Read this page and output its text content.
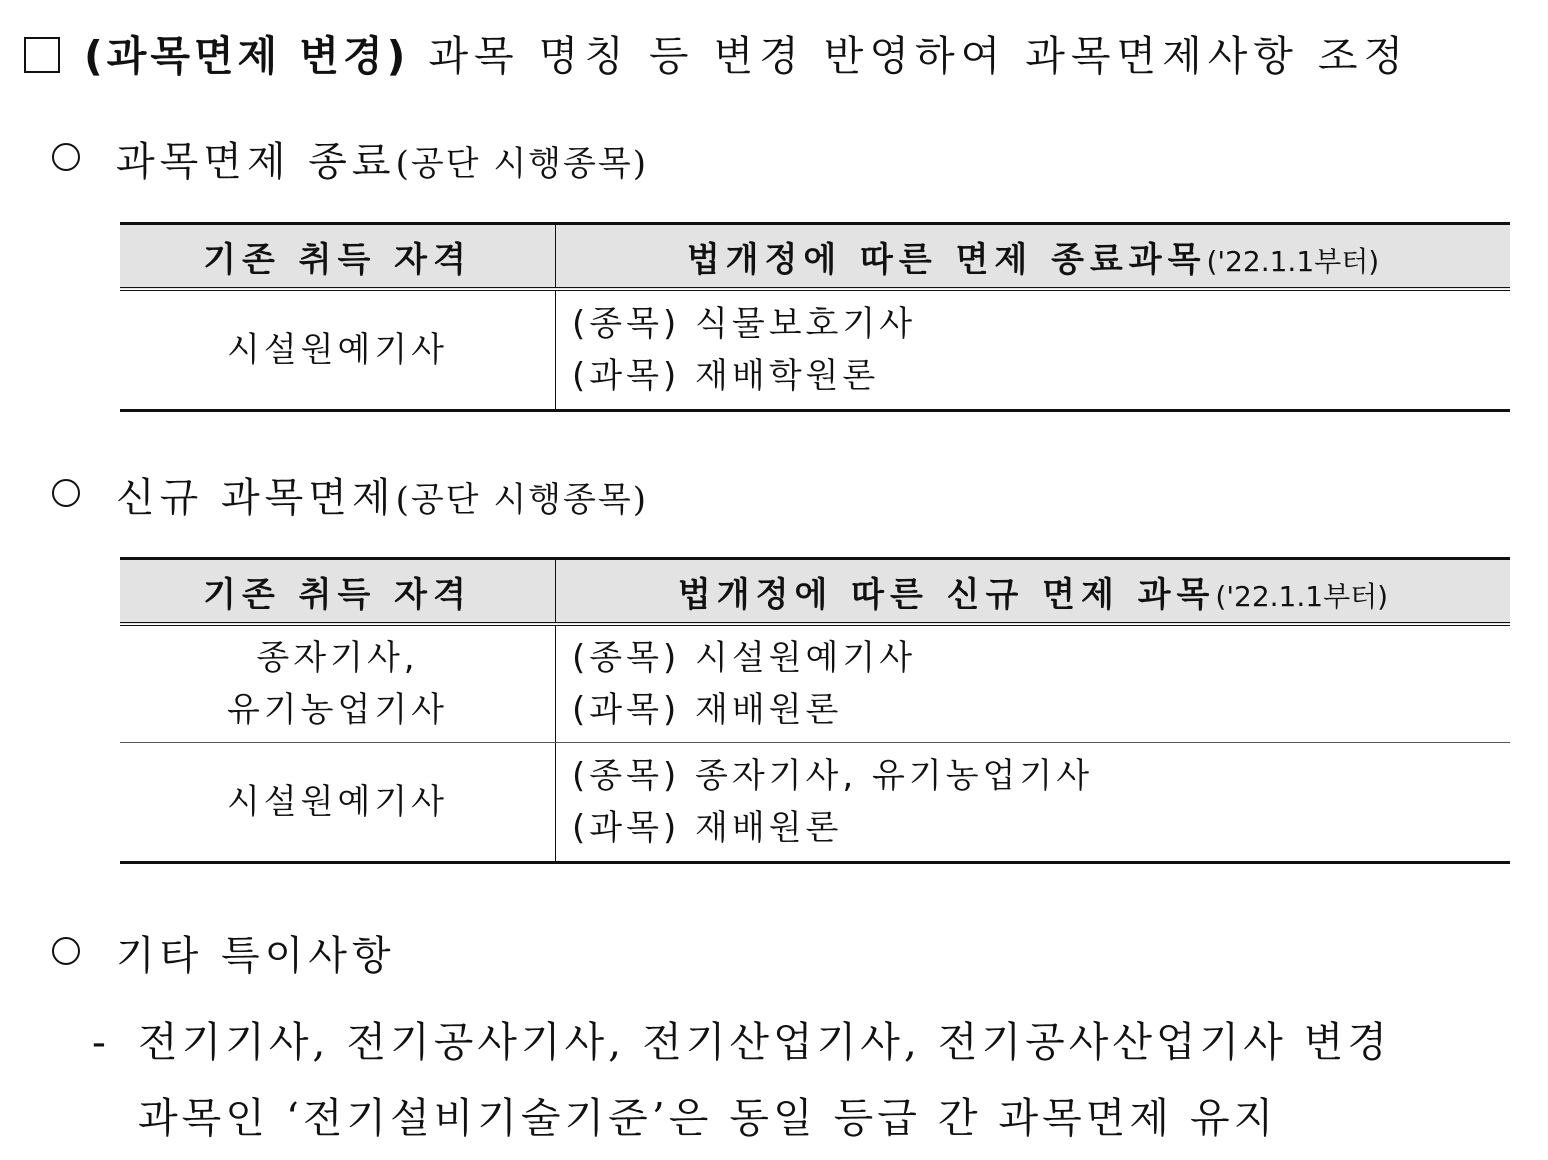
(과목면제 변경) 과목 명칭 등 변경 반영하여 과목면제사항 조정
과목면제 종료(공단 시행종목)
기존 취득 자격	법개정에 따른 면제 종료과목('22.1.1부터)

시설원예기사	(종목) 식물보호기사
(과목) 재배학원론
신규 과목면제(공단 시행종목)
기존 취득 자격	법개정에 따른 신규 면제 과목('22.1.1부터)

종자기사,
유기농업기사	(종목) 시설원예기사
(과목) 재배원론

시설원예기사	(종목) 종자기사, 유기농업기사
(과목) 재배원론
기타 특이사항
- 전기기사, 전기공사기사, 전기산업기사, 전기공사산업기사 변경
과목인 ‘전기설비기술기준’은 동일 등급 간 과목면제 유지
